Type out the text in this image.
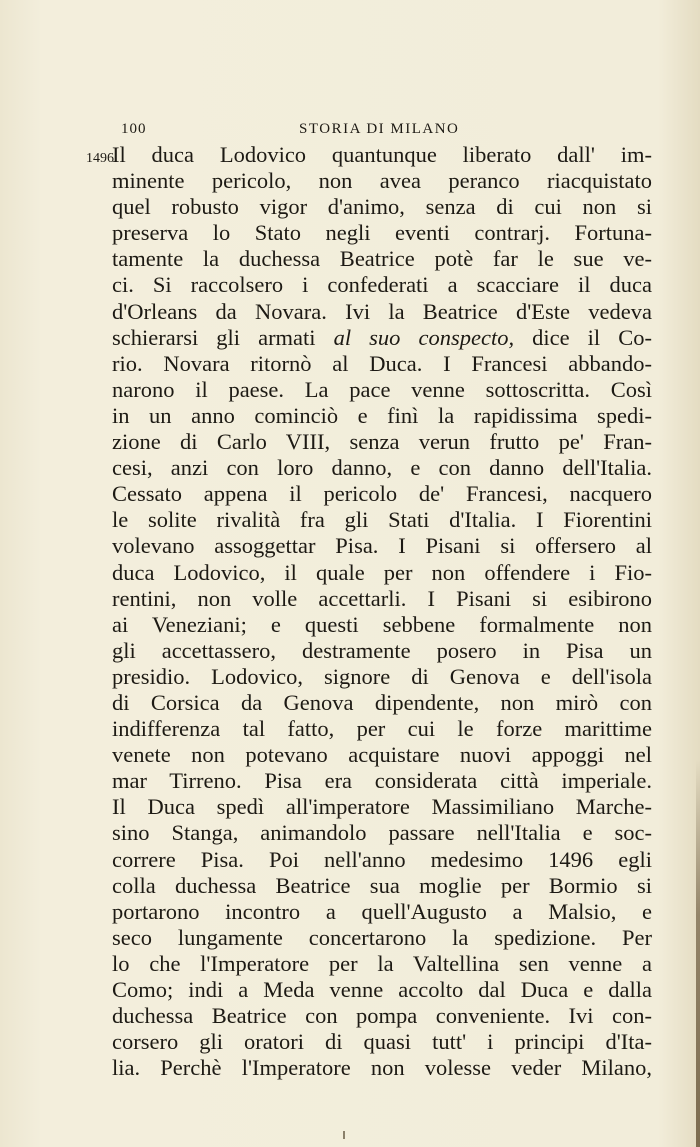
100	STORIA DI MILANO
1496
Il duca Lodovico quantunque liberato dall' im-
minente pericolo, non avea peranco riacquistato
quel robusto vigor d'animo, senza di cui non si
preserva lo Stato negli eventi contrarj. Fortuna-
tamente la duchessa Beatrice potè far le sue ve-
ci. Si raccolsero i confederati a scacciare il duca
d'Orleans da Novara. Ivi la Beatrice d'Este vedeva
schierarsi gli armati al suo conspecto, dice il Co-
rio. Novara ritornò al Duca. I Francesi abbando-
narono il paese. La pace venne sottoscritta. Così
in un anno cominciò e finì la rapidissima spedi-
zione di Carlo VIII, senza verun frutto pe' Fran-
cesi, anzi con loro danno, e con danno dell'Italia.
Cessato appena il pericolo de' Francesi, nacquero
le solite rivalità fra gli Stati d'Italia. I Fiorentini
volevano assoggettar Pisa. I Pisani si offersero al
duca Lodovico, il quale per non offendere i Fio-
rentini, non volle accettarli. I Pisani si esibirono
ai Veneziani; e questi sebbene formalmente non
gli accettassero, destramente posero in Pisa un
presidio. Lodovico, signore di Genova e dell'isola
di Corsica da Genova dipendente, non mirò con
indifferenza tal fatto, per cui le forze marittime
venete non potevano acquistare nuovi appoggi nel
mar Tirreno. Pisa era considerata città imperiale.
Il Duca spedì all'imperatore Massimiliano Marche-
sino Stanga, animandolo passare nell'Italia e soc-
correre Pisa. Poi nell'anno medesimo 1496 egli
colla duchessa Beatrice sua moglie per Bormio si
portarono incontro a quell'Augusto a Malsio, e
seco lungamente concertarono la spedizione. Per
lo che l'Imperatore per la Valtellina sen venne a
Como; indi a Meda venne accolto dal Duca e dalla
duchessa Beatrice con pompa conveniente. Ivi con-
corsero gli oratori di quasi tutt' i principi d'Ita-
lia. Perchè l'Imperatore non volesse veder Milano,
